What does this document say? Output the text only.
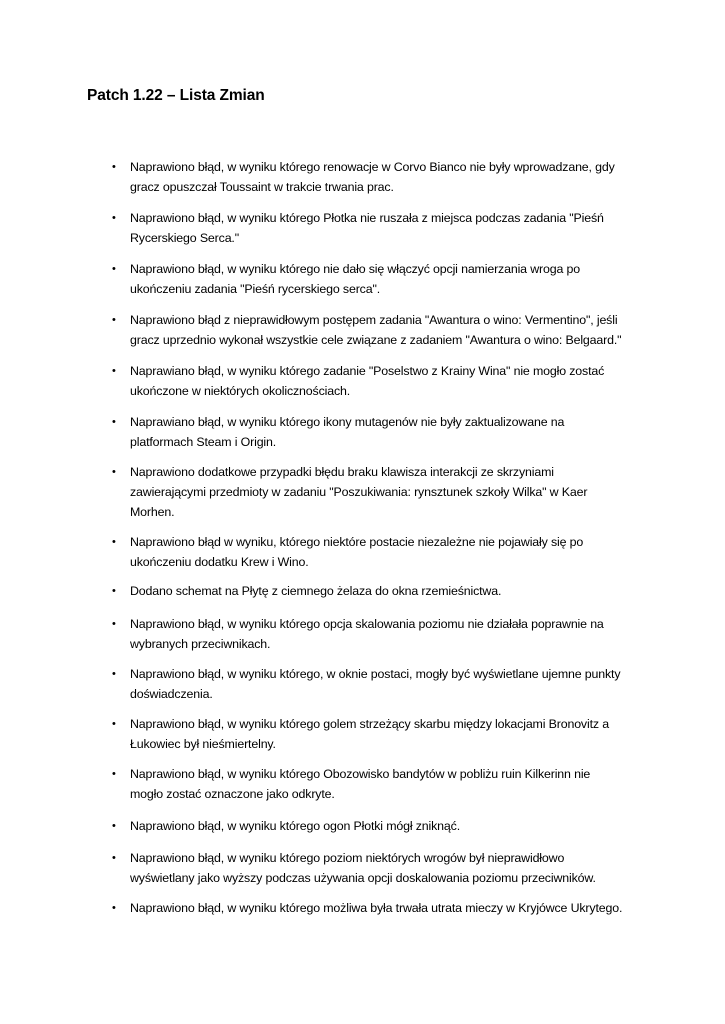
Patch 1.22 – Lista Zmian
• Naprawiono błąd, w wyniku którego renowacje w Corvo Bianco nie były wprowadzane, gdy
gracz opuszczał Toussaint w trakcie trwania prac.
• Naprawiono błąd, w wyniku którego Płotka nie ruszała z miejsca podczas zadania "Pieśń
Rycerskiego Serca."
• Naprawiono błąd, w wyniku którego nie dało się włączyć opcji namierzania wroga po
ukończeniu zadania "Pieśń rycerskiego serca".
• Naprawiono błąd z nieprawidłowym postępem zadania "Awantura o wino: Vermentino", jeśli
gracz uprzednio wykonał wszystkie cele związane z zadaniem "Awantura o wino: Belgaard."
• Naprawiano błąd, w wyniku którego zadanie "Poselstwo z Krainy Wina" nie mogło zostać
ukończone w niektórych okolicznościach.
• Naprawiano błąd, w wyniku którego ikony mutagenów nie były zaktualizowane na
platformach Steam i Origin.
• Naprawiono dodatkowe przypadki błędu braku klawisza interakcji ze skrzyniami
zawierającymi przedmioty w zadaniu "Poszukiwania: rynsztunek szkoły Wilka" w Kaer
Morhen.
• Naprawiono błąd w wyniku, którego niektóre postacie niezależne nie pojawiały się po
ukończeniu dodatku Krew i Wino.
• Dodano schemat na Płytę z ciemnego żelaza do okna rzemieśnictwa.
• Naprawiono błąd, w wyniku którego opcja skalowania poziomu nie działała poprawnie na
wybranych przeciwnikach.
• Naprawiono błąd, w wyniku którego, w oknie postaci, mogły być wyświetlane ujemne punkty
doświadczenia.
• Naprawiono błąd, w wyniku którego golem strzeżący skarbu między lokacjami Bronovitz a
Łukowiec był nieśmiertelny.
• Naprawiono błąd, w wyniku którego Obozowisko bandytów w pobliżu ruin Kilkerinn nie
mogło zostać oznaczone jako odkryte.
• Naprawiono błąd, w wyniku którego ogon Płotki mógł zniknąć.
• Naprawiono błąd, w wyniku którego poziom niektórych wrogów był nieprawidłowo
wyświetlany jako wyższy podczas używania opcji doskalowania poziomu przeciwników.
• Naprawiono błąd, w wyniku którego możliwa była trwała utrata mieczy w Kryjówce Ukrytego.
